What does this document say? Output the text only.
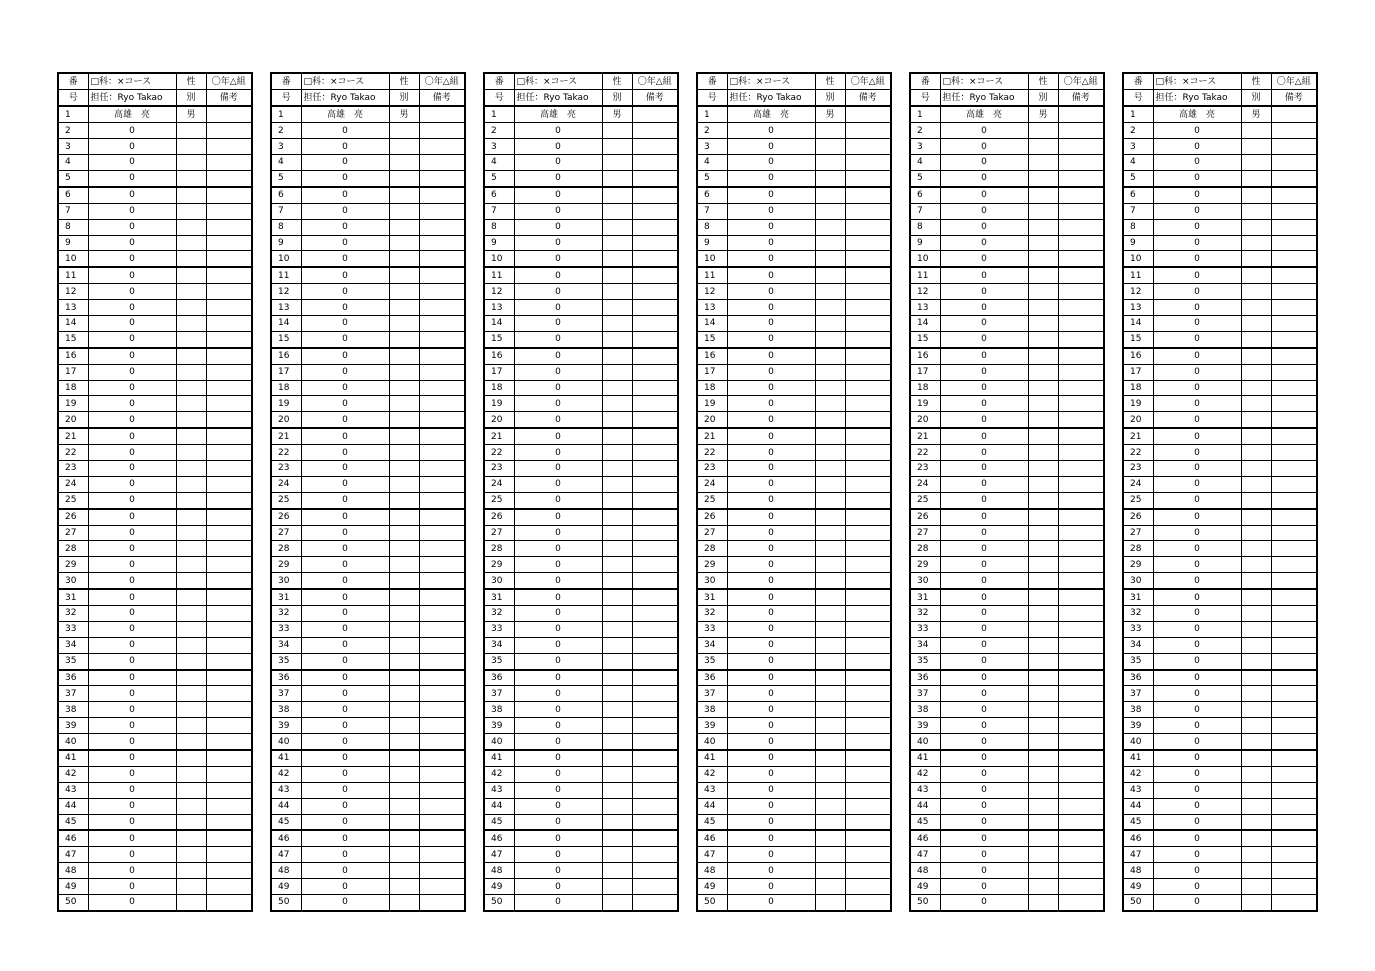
番	□科：×コース	性	〇年△組
号	担任：Ryo Takao	別	備考
1	高雄　亮	男	
2	0		
3	0		
4	0		
5	0		
6	0		
7	0		
8	0		
9	0		
10	0		
11	0		
12	0		
13	0		
14	0		
15	0		
16	0		
17	0		
18	0		
19	0		
20	0		
21	0		
22	0		
23	0		
24	0		
25	0		
26	0		
27	0		
28	0		
29	0		
30	0		
31	0		
32	0		
33	0		
34	0		
35	0		
36	0		
37	0		
38	0		
39	0		
40	0		
41	0		
42	0		
43	0		
44	0		
45	0		
46	0		
47	0		
48	0		
49	0		
50	0		
番	□科：×コース	性	〇年△組
号	担任：Ryo Takao	別	備考
1	高雄　亮	男	
2	0		
3	0		
4	0		
5	0		
6	0		
7	0		
8	0		
9	0		
10	0		
11	0		
12	0		
13	0		
14	0		
15	0		
16	0		
17	0		
18	0		
19	0		
20	0		
21	0		
22	0		
23	0		
24	0		
25	0		
26	0		
27	0		
28	0		
29	0		
30	0		
31	0		
32	0		
33	0		
34	0		
35	0		
36	0		
37	0		
38	0		
39	0		
40	0		
41	0		
42	0		
43	0		
44	0		
45	0		
46	0		
47	0		
48	0		
49	0		
50	0		
番	□科：×コース	性	〇年△組
号	担任：Ryo Takao	別	備考
1	高雄　亮	男	
2	0		
3	0		
4	0		
5	0		
6	0		
7	0		
8	0		
9	0		
10	0		
11	0		
12	0		
13	0		
14	0		
15	0		
16	0		
17	0		
18	0		
19	0		
20	0		
21	0		
22	0		
23	0		
24	0		
25	0		
26	0		
27	0		
28	0		
29	0		
30	0		
31	0		
32	0		
33	0		
34	0		
35	0		
36	0		
37	0		
38	0		
39	0		
40	0		
41	0		
42	0		
43	0		
44	0		
45	0		
46	0		
47	0		
48	0		
49	0		
50	0		
番	□科：×コース	性	〇年△組
号	担任：Ryo Takao	別	備考
1	高雄　亮	男	
2	0		
3	0		
4	0		
5	0		
6	0		
7	0		
8	0		
9	0		
10	0		
11	0		
12	0		
13	0		
14	0		
15	0		
16	0		
17	0		
18	0		
19	0		
20	0		
21	0		
22	0		
23	0		
24	0		
25	0		
26	0		
27	0		
28	0		
29	0		
30	0		
31	0		
32	0		
33	0		
34	0		
35	0		
36	0		
37	0		
38	0		
39	0		
40	0		
41	0		
42	0		
43	0		
44	0		
45	0		
46	0		
47	0		
48	0		
49	0		
50	0		
番	□科：×コース	性	〇年△組
号	担任：Ryo Takao	別	備考
1	高雄　亮	男	
2	0		
3	0		
4	0		
5	0		
6	0		
7	0		
8	0		
9	0		
10	0		
11	0		
12	0		
13	0		
14	0		
15	0		
16	0		
17	0		
18	0		
19	0		
20	0		
21	0		
22	0		
23	0		
24	0		
25	0		
26	0		
27	0		
28	0		
29	0		
30	0		
31	0		
32	0		
33	0		
34	0		
35	0		
36	0		
37	0		
38	0		
39	0		
40	0		
41	0		
42	0		
43	0		
44	0		
45	0		
46	0		
47	0		
48	0		
49	0		
50	0		
番	□科：×コース	性	〇年△組
号	担任：Ryo Takao	別	備考
1	高雄　亮	男	
2	0		
3	0		
4	0		
5	0		
6	0		
7	0		
8	0		
9	0		
10	0		
11	0		
12	0		
13	0		
14	0		
15	0		
16	0		
17	0		
18	0		
19	0		
20	0		
21	0		
22	0		
23	0		
24	0		
25	0		
26	0		
27	0		
28	0		
29	0		
30	0		
31	0		
32	0		
33	0		
34	0		
35	0		
36	0		
37	0		
38	0		
39	0		
40	0		
41	0		
42	0		
43	0		
44	0		
45	0		
46	0		
47	0		
48	0		
49	0		
50	0		
